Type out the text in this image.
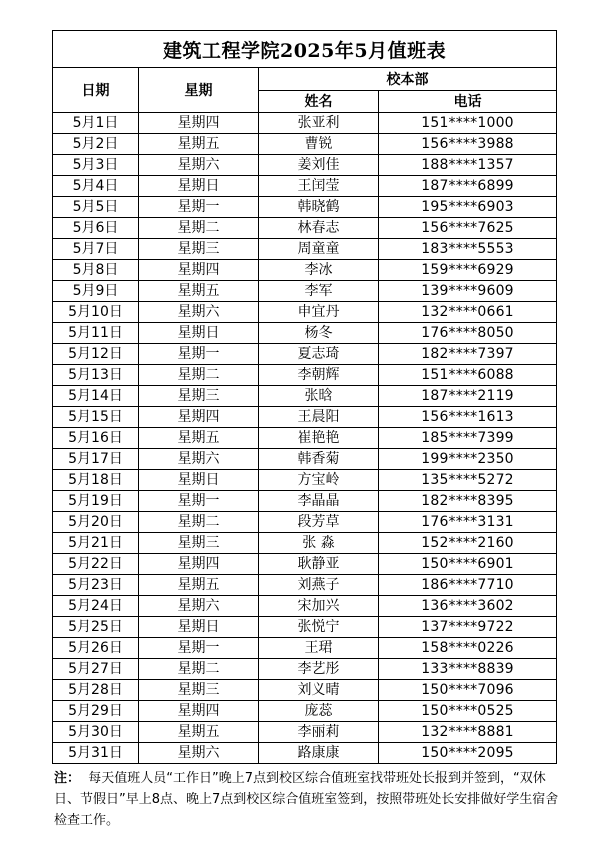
建筑工程学院2025年5月值班表			
日期	星期	校本部	
		姓名	电话
5月1日	星期四	张亚利	151****1000
5月2日	星期五	曹锐	156****3988
5月3日	星期六	姜刘佳	188****1357
5月4日	星期日	王闰莹	187****6899
5月5日	星期一	韩晓鹤	195****6903
5月6日	星期二	林春志	156****7625
5月7日	星期三	周童童	183****5553
5月8日	星期四	李冰	159****6929
5月9日	星期五	李军	139****9609
5月10日	星期六	申宜丹	132****0661
5月11日	星期日	杨冬	176****8050
5月12日	星期一	夏志琦	182****7397
5月13日	星期二	李朝辉	151****6088
5月14日	星期三	张晗	187****2119
5月15日	星期四	王晨阳	156****1613
5月16日	星期五	崔艳艳	185****7399
5月17日	星期六	韩香菊	199****2350
5月18日	星期日	方宝岭	135****5272
5月19日	星期一	李晶晶	182****8395
5月20日	星期二	段芳草	176****3131
5月21日	星期三	张 淼	152****2160
5月22日	星期四	耿静亚	150****6901
5月23日	星期五	刘燕子	186****7710
5月24日	星期六	宋加兴	136****3602
5月25日	星期日	张悦宁	137****9722
5月26日	星期一	王珺	158****0226
5月27日	星期二	李艺彤	133****8839
5月28日	星期三	刘义晴	150****7096
5月29日	星期四	庞蕊	150****0525
5月30日	星期五	李丽莉	132****8881
5月31日	星期六	路康康	150****2095
注： 每天值班人员“工作日”晚上7点到校区综合值班室找带班处长报到并签到，“双休日、节假日”早上8点、晚上7点到校区综合值班室签到，按照带班处长安排做好学生宿舍检查工作。
